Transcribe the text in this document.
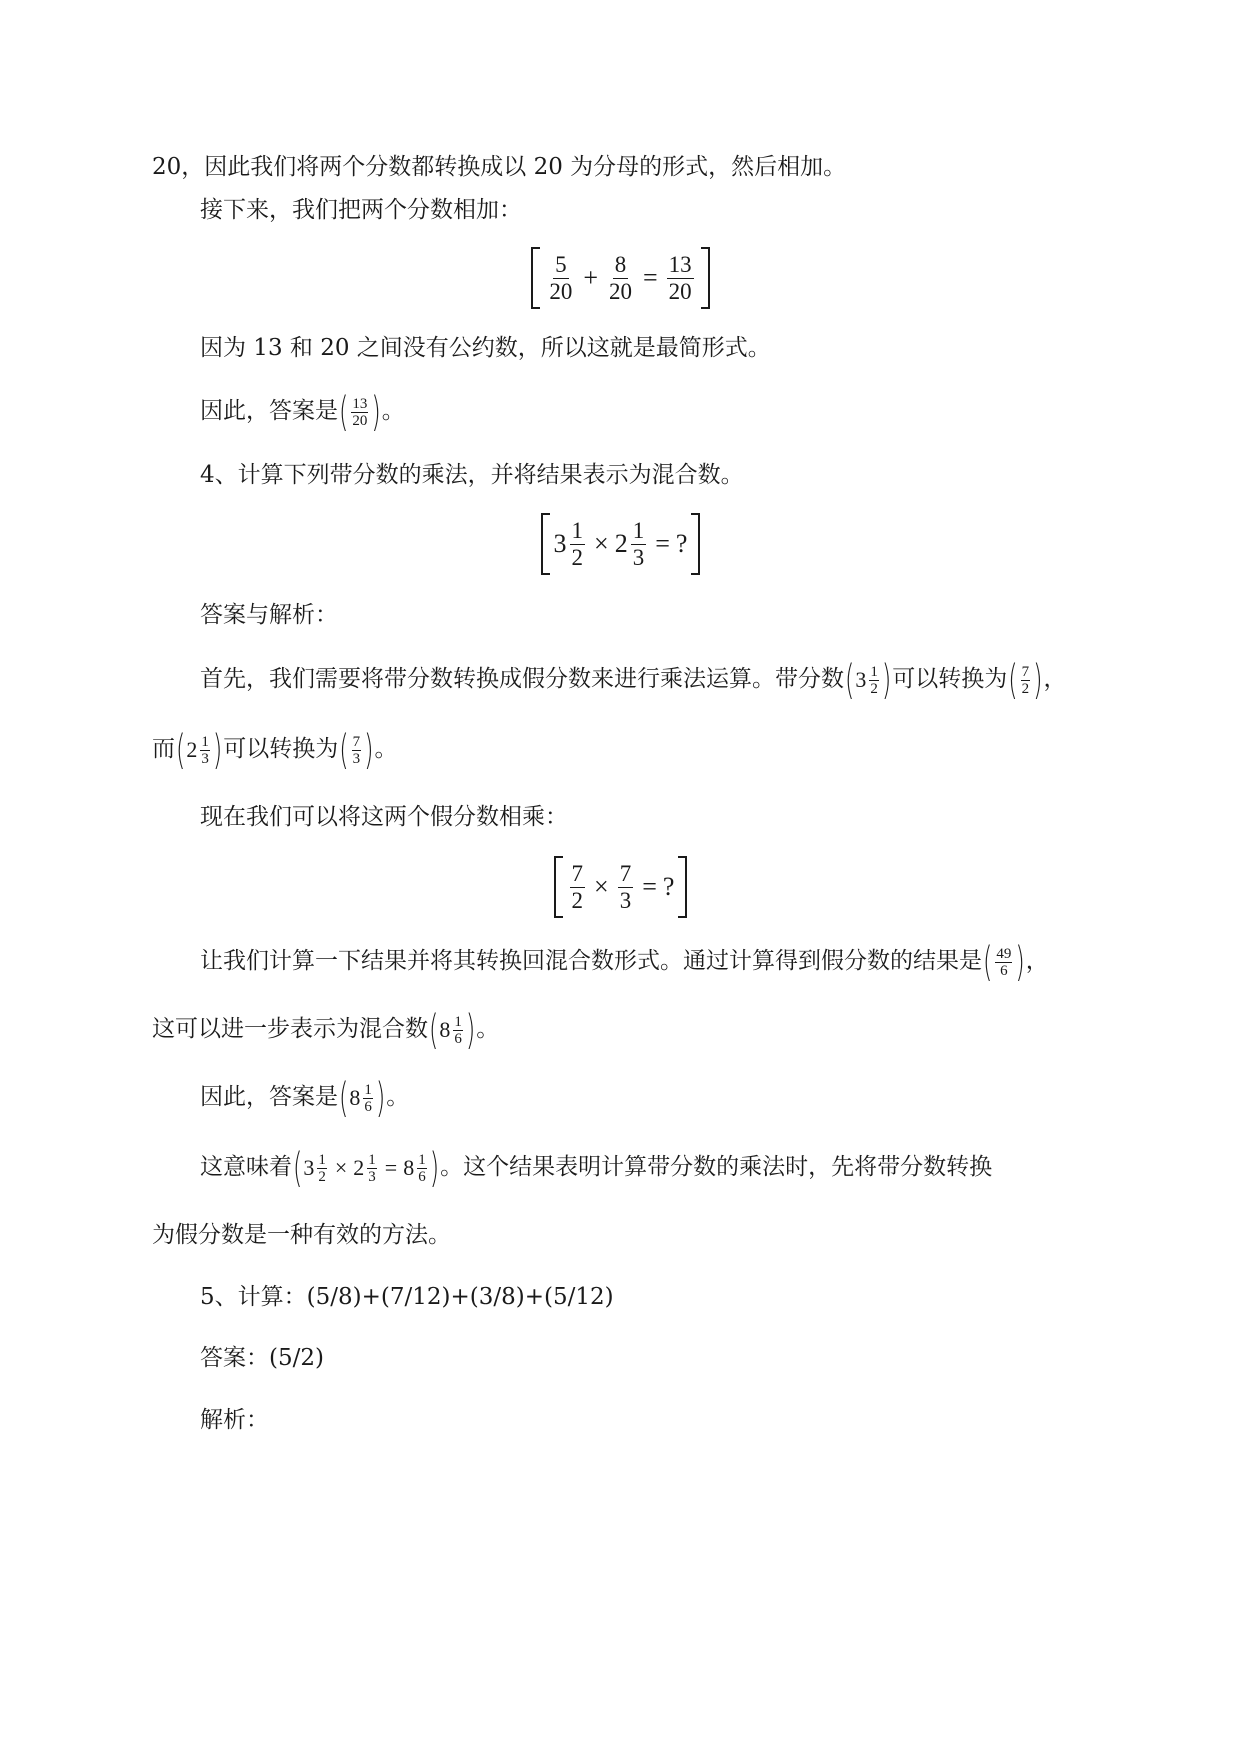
20，因此我们将两个分数都转换成以 20 为分母的形式，然后相加。
接下来，我们把两个分数相加：
$\frac{5}{20} + \frac{8}{20} = \frac{13}{20}$
因为 13 和 20 之间没有公约数，所以这就是最简形式。
因此，答案是 ( $\frac{13}{20}$ ) 。
4、计算下列带分数的乘法，并将结果表示为混合数。
$3 \frac{1}{2} \times 2 \frac{1}{3}$ = ?
答案与解析：
首先，我们需要将带分数转换成假分数来进行乘法运算。带分数 ( $3 \frac{1}{2}$ ) 可以转换为 ( $\frac{7}{2}$ ) ，
而 ( $2 \frac{1}{3}$ ) 可以转换为 ( $\frac{7}{3}$ ) 。
现在我们可以将这两个假分数相乘：
$\frac{7}{2} \times \frac{7}{3}$ = ?
让我们计算一下结果并将其转换回混合数形式。通过计算得到假分数的结果是 ( $\frac{49}{6}$ ) ，
这可以进一步表示为混合数 ( $8 \frac{1}{6}$ ) 。
因此，答案是 ( $8 \frac{1}{6}$ ) 。
这意味着 ( $3 \frac{1}{2} \times 2 \frac{1}{3} = 8 \frac{1}{6}$ ) 。这个结果表明计算带分数的乘法时，先将带分数转换
为假分数是一种有效的方法。
5、计算：(5/8)+(7/12)+(3/8)+(5/12)
答案：(5/2)
解析：
